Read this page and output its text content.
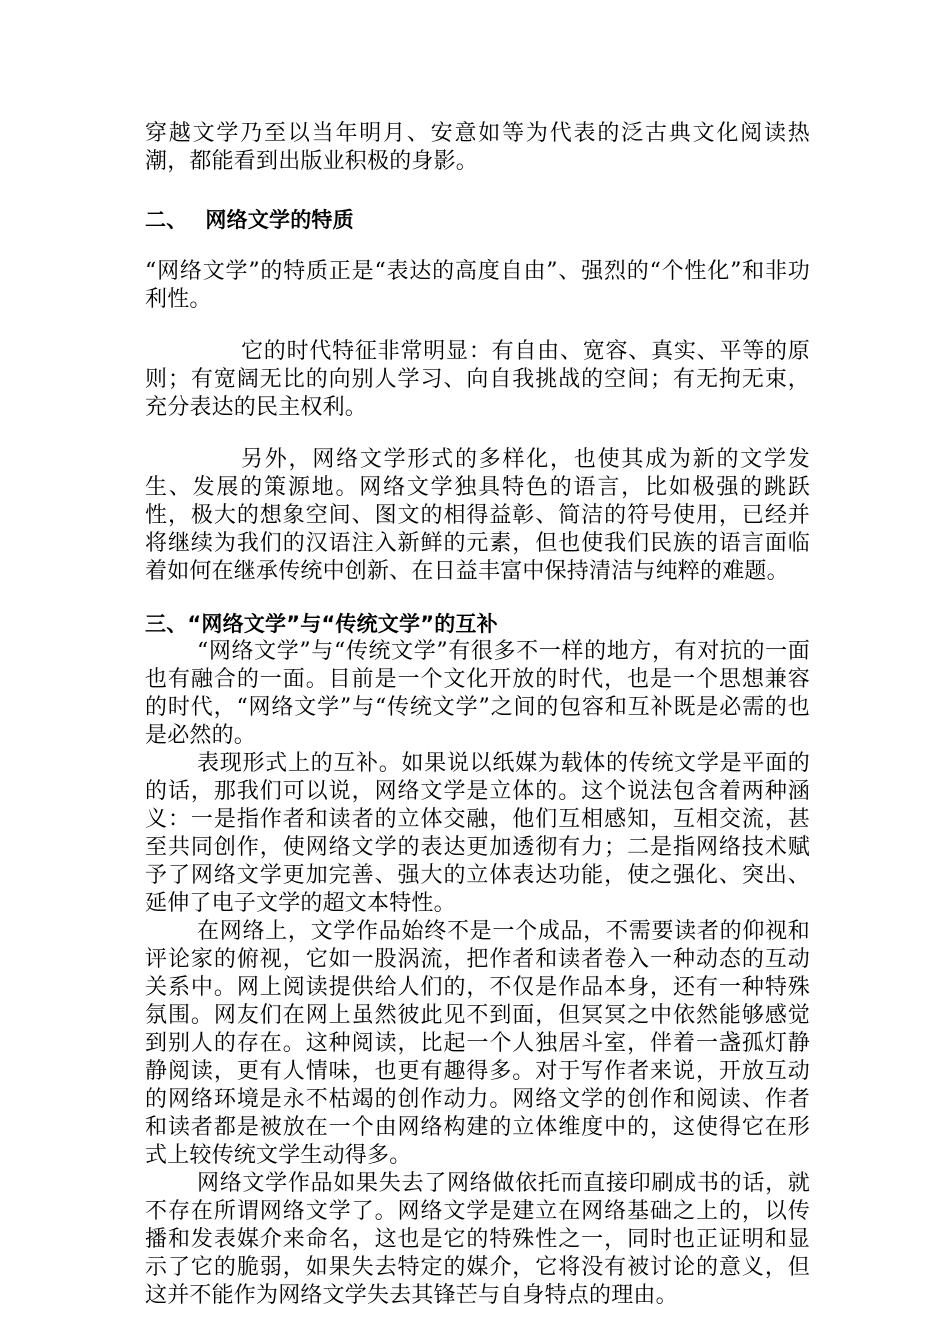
穿越文学乃至以当年明月、安意如等为代表的泛古典文化阅读热潮，都能看到出版业积极的身影。

二、 网络文学的特质

“网络文学”的特质正是“表达的高度自由”、强烈的“个性化”和非功利性。

它的时代特征非常明显：有自由、宽容、真实、平等的原则；有宽阔无比的向别人学习、向自我挑战的空间；有无拘无束，充分表达的民主权利。

另外，网络文学形式的多样化，也使其成为新的文学发生、发展的策源地。网络文学独具特色的语言，比如极强的跳跃性，极大的想象空间、图文的相得益彰、简洁的符号使用，已经并将继续为我们的汉语注入新鲜的元素，但也使我们民族的语言面临着如何在继承传统中创新、在日益丰富中保持清洁与纯粹的难题。

三、“网络文学”与“传统文学”的互补

“网络文学”与“传统文学”有很多不一样的地方，有对抗的一面也有融合的一面。目前是一个文化开放的时代，也是一个思想兼容的时代，“网络文学”与“传统文学”之间的包容和互补既是必需的也是必然的。

表现形式上的互补。如果说以纸媒为载体的传统文学是平面的的话，那我们可以说，网络文学是立体的。这个说法包含着两种涵义：一是指作者和读者的立体交融，他们互相感知，互相交流，甚至共同创作，使网络文学的表达更加透彻有力；二是指网络技术赋予了网络文学更加完善、强大的立体表达功能，使之强化、突出、延伸了电子文学的超文本特性。

在网络上，文学作品始终不是一个成品，不需要读者的仰视和评论家的俯视，它如一股涡流，把作者和读者卷入一种动态的互动关系中。网上阅读提供给人们的，不仅是作品本身，还有一种特殊氛围。网友们在网上虽然彼此见不到面，但冥冥之中依然能够感觉到别人的存在。这种阅读，比起一个人独居斗室，伴着一盏孤灯静静阅读，更有人情味，也更有趣得多。对于写作者来说，开放互动的网络环境是永不枯竭的创作动力。网络文学的创作和阅读、作者和读者都是被放在一个由网络构建的立体维度中的，这使得它在形式上较传统文学生动得多。

网络文学作品如果失去了网络做依托而直接印刷成书的话，就不存在所谓网络文学了。网络文学是建立在网络基础之上的，以传播和发表媒介来命名，这也是它的特殊性之一，同时也正证明和显示了它的脆弱，如果失去特定的媒介，它将没有被讨论的意义，但这并不能作为网络文学失去其锋芒与自身特点的理由。
